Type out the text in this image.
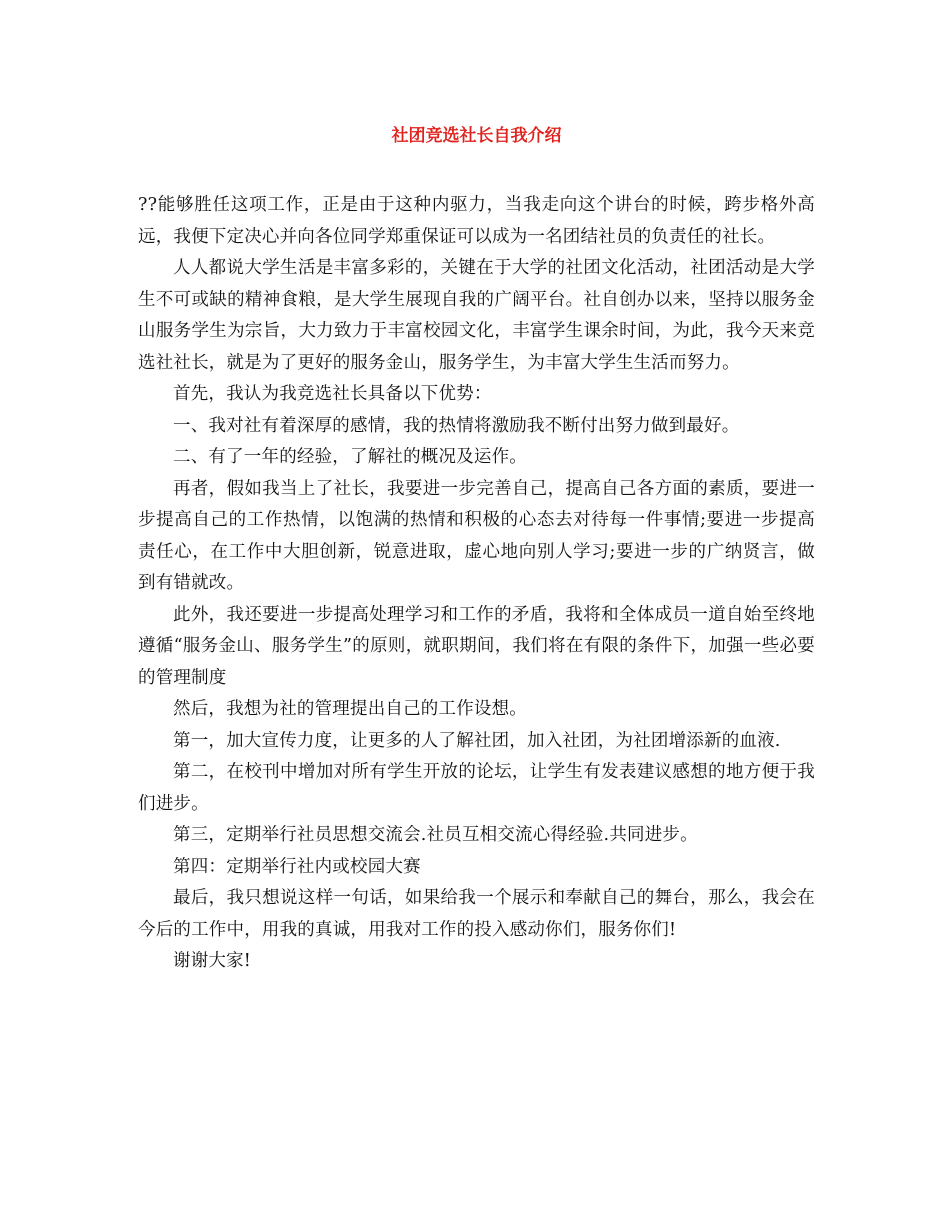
社团竞选社长自我介绍

??能够胜任这项工作，正是由于这种内驱力，当我走向这个讲台的时候，跨步格外高远，我便下定决心并向各位同学郑重保证可以成为一名团结社员的负责任的社长。

人人都说大学生活是丰富多彩的，关键在于大学的社团文化活动，社团活动是大学生不可或缺的精神食粮，是大学生展现自我的广阔平台。社自创办以来，坚持以服务金山服务学生为宗旨，大力致力于丰富校园文化，丰富学生课余时间，为此，我今天来竞选社社长，就是为了更好的服务金山，服务学生，为丰富大学生生活而努力。

首先，我认为我竞选社长具备以下优势：

一、我对社有着深厚的感情，我的热情将激励我不断付出努力做到最好。

二、有了一年的经验，了解社的概况及运作。

再者，假如我当上了社长，我要进一步完善自己，提高自己各方面的素质，要进一步提高自己的工作热情，以饱满的热情和积极的心态去对待每一件事情;要进一步提高责任心，在工作中大胆创新，锐意进取，虚心地向别人学习;要进一步的广纳贤言，做到有错就改。

此外，我还要进一步提高处理学习和工作的矛盾，我将和全体成员一道自始至终地遵循“服务金山、服务学生”的原则，就职期间，我们将在有限的条件下，加强一些必要的管理制度

然后，我想为社的管理提出自己的工作设想。

第一，加大宣传力度，让更多的人了解社团，加入社团，为社团增添新的血液.

第二，在校刊中增加对所有学生开放的论坛，让学生有发表建议感想的地方便于我们进步。

第三，定期举行社员思想交流会.社员互相交流心得经验.共同进步。

第四：定期举行社内或校园大赛

最后，我只想说这样一句话，如果给我一个展示和奉献自己的舞台，那么，我会在今后的工作中，用我的真诚，用我对工作的投入感动你们，服务你们!

谢谢大家!
